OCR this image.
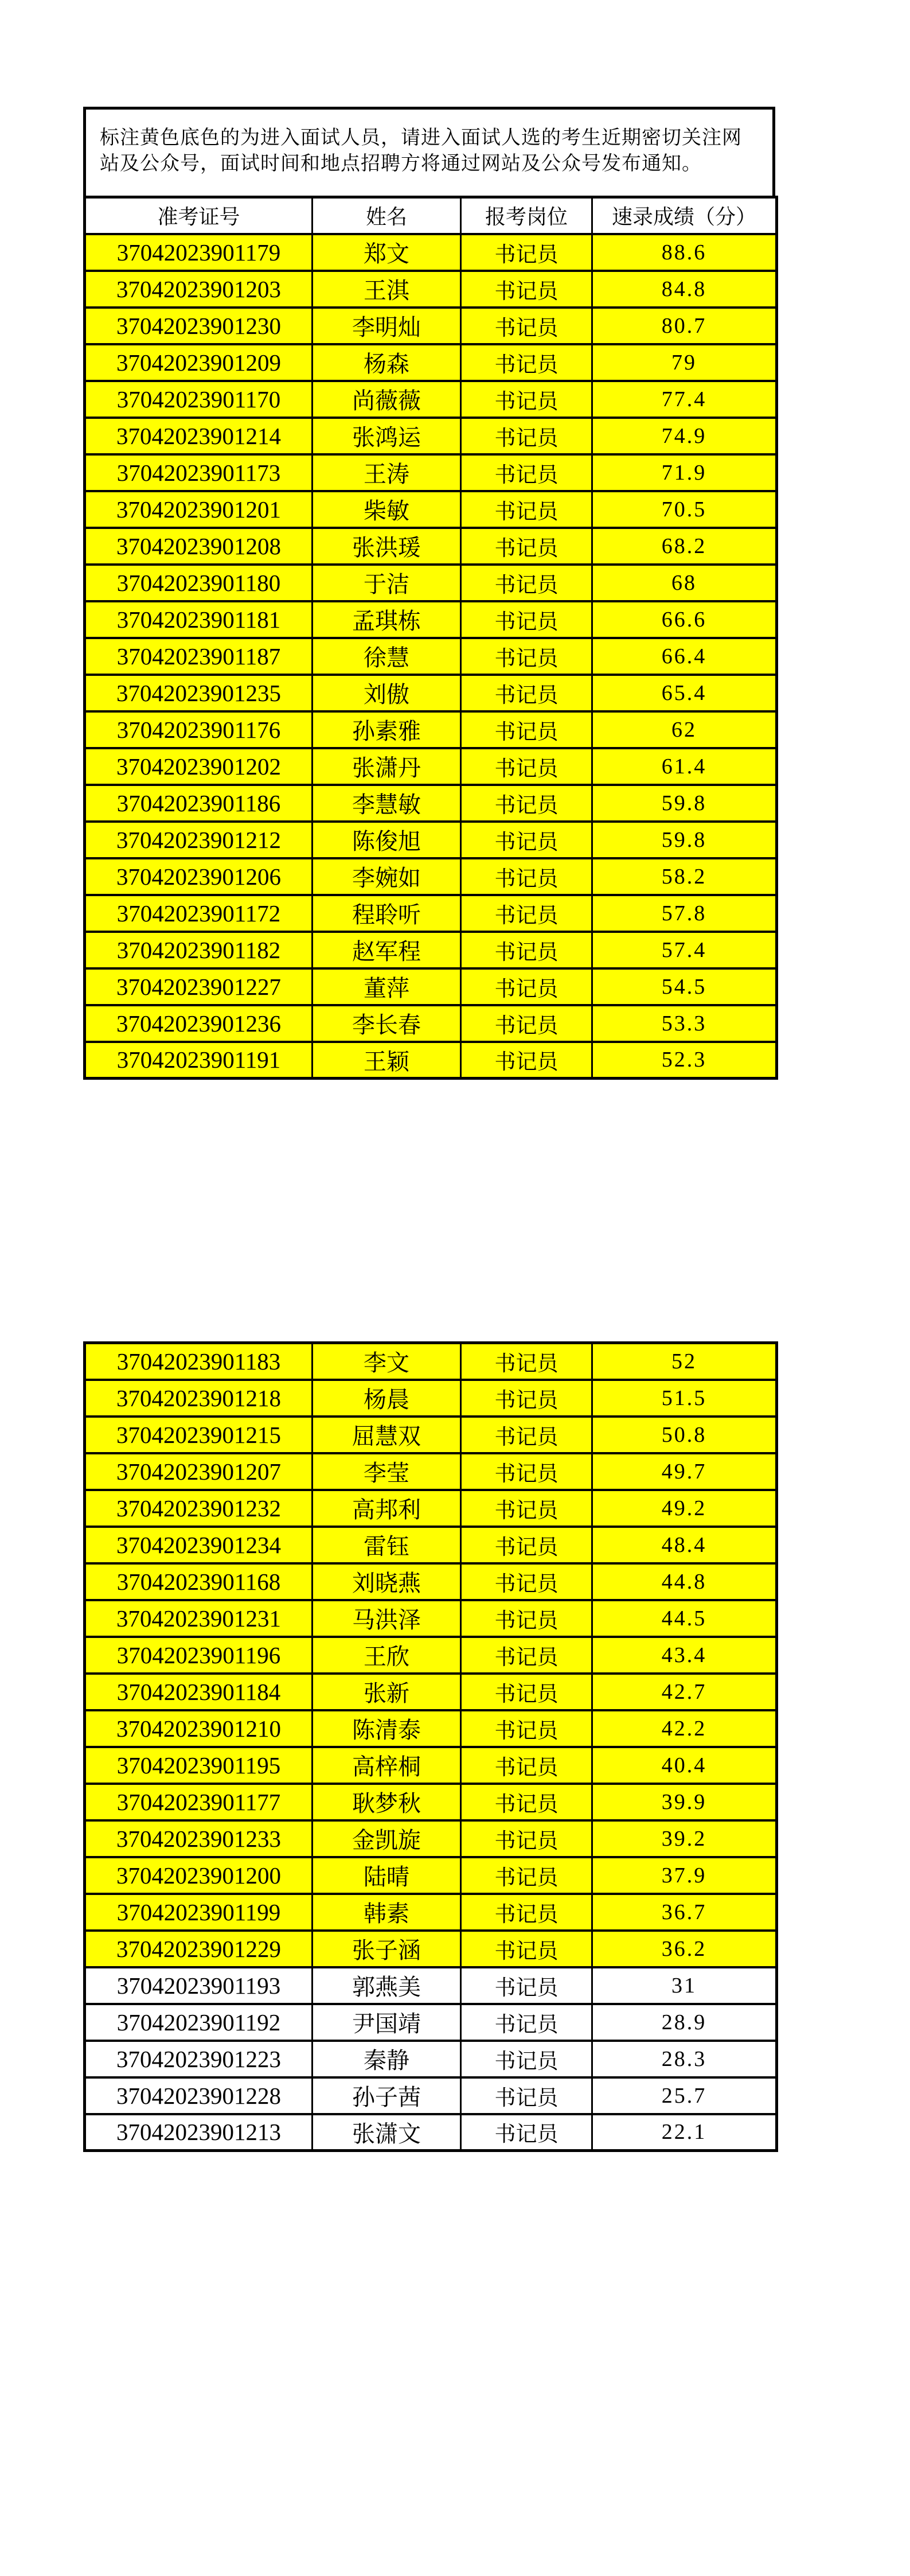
标注黄色底色的为进入面试人员，请进入面试人选的考生近期密切关注网站及公众号，面试时间和地点招聘方将通过网站及公众号发布通知。
准考证号	姓名	报考岗位	速录成绩（分）
37042023901179	郑文	书记员	88.6
37042023901203	王淇	书记员	84.8
37042023901230	李明灿	书记员	80.7
37042023901209	杨森	书记员	79
37042023901170	尚薇薇	书记员	77.4
37042023901214	张鸿运	书记员	74.9
37042023901173	王涛	书记员	71.9
37042023901201	柴敏	书记员	70.5
37042023901208	张洪瑗	书记员	68.2
37042023901180	于洁	书记员	68
37042023901181	孟琪栋	书记员	66.6
37042023901187	徐慧	书记员	66.4
37042023901235	刘傲	书记员	65.4
37042023901176	孙素雅	书记员	62
37042023901202	张潇丹	书记员	61.4
37042023901186	李慧敏	书记员	59.8
37042023901212	陈俊旭	书记员	59.8
37042023901206	李婉如	书记员	58.2
37042023901172	程聆听	书记员	57.8
37042023901182	赵军程	书记员	57.4
37042023901227	董萍	书记员	54.5
37042023901236	李长春	书记员	53.3
37042023901191	王颖	书记员	52.3
37042023901183	李文	书记员	52
37042023901218	杨晨	书记员	51.5
37042023901215	屈慧双	书记员	50.8
37042023901207	李莹	书记员	49.7
37042023901232	高邦利	书记员	49.2
37042023901234	雷钰	书记员	48.4
37042023901168	刘晓燕	书记员	44.8
37042023901231	马洪泽	书记员	44.5
37042023901196	王欣	书记员	43.4
37042023901184	张新	书记员	42.7
37042023901210	陈清泰	书记员	42.2
37042023901195	高梓桐	书记员	40.4
37042023901177	耿梦秋	书记员	39.9
37042023901233	金凯旋	书记员	39.2
37042023901200	陆晴	书记员	37.9
37042023901199	韩素	书记员	36.7
37042023901229	张子涵	书记员	36.2
37042023901193	郭燕美	书记员	31
37042023901192	尹国靖	书记员	28.9
37042023901223	秦静	书记员	28.3
37042023901228	孙子茜	书记员	25.7
37042023901213	张潇文	书记员	22.1
